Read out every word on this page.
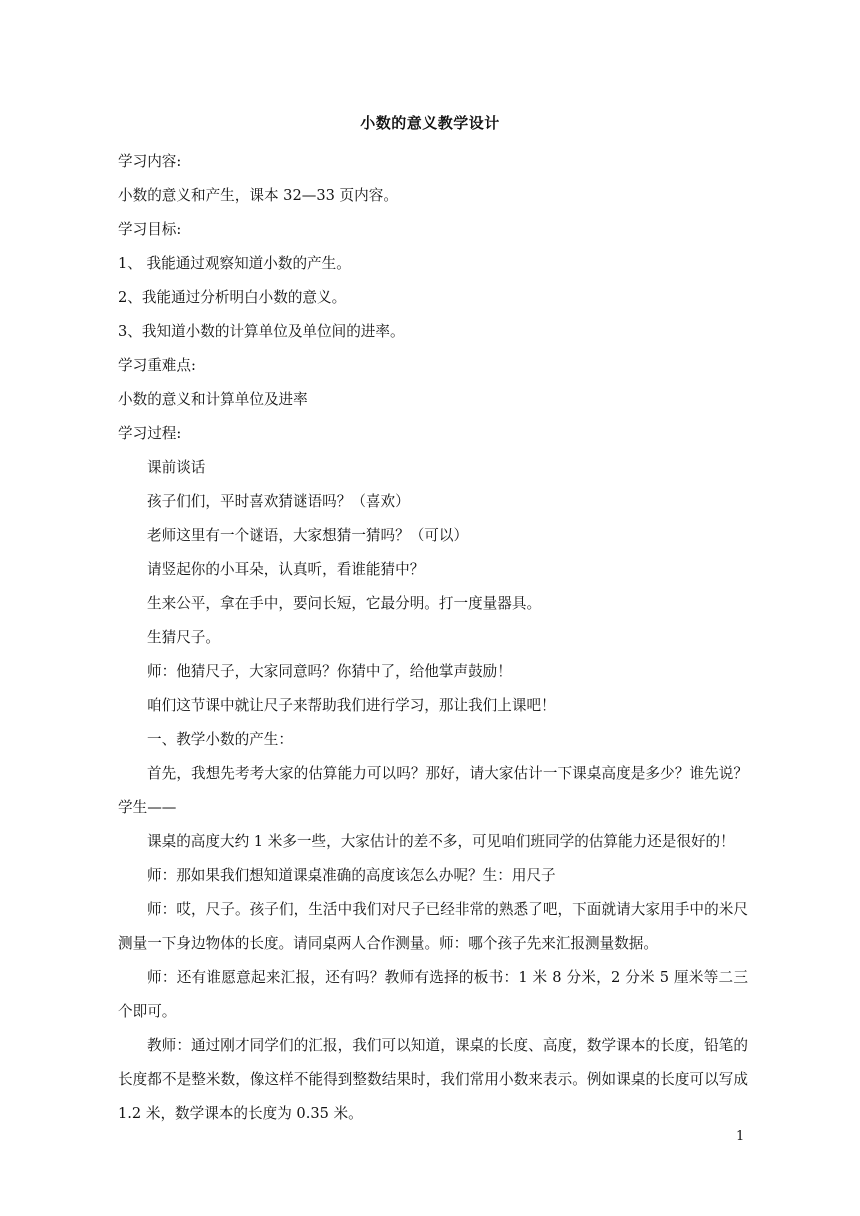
小数的意义教学设计
学习内容:
小数的意义和产生，课本 32—33 页内容。
学习目标:
1、 我能通过观察知道小数的产生。
2、我能通过分析明白小数的意义。
3、我知道小数的计算单位及单位间的进率。
学习重难点:
小数的意义和计算单位及进率
学习过程:
课前谈话
孩子们们，平时喜欢猜谜语吗？（喜欢）
老师这里有一个谜语，大家想猜一猜吗？（可以）
请竖起你的小耳朵，认真听，看谁能猜中？
生来公平，拿在手中，要问长短，它最分明。打一度量器具。
生猜尺子。
师：他猜尺子，大家同意吗？你猜中了，给他掌声鼓励！
咱们这节课中就让尺子来帮助我们进行学习，那让我们上课吧！
一、教学小数的产生：
首先，我想先考考大家的估算能力可以吗？那好，请大家估计一下课桌高度是多少？谁先说？学生——
课桌的高度大约 1 米多一些，大家估计的差不多，可见咱们班同学的估算能力还是很好的！
师：那如果我们想知道课桌准确的高度该怎么办呢？生：用尺子
师：哎，尺子。孩子们，生活中我们对尺子已经非常的熟悉了吧，下面就请大家用手中的米尺测量一下身边物体的长度。请同桌两人合作测量。师：哪个孩子先来汇报测量数据。
师：还有谁愿意起来汇报，还有吗？教师有选择的板书：1 米 8 分米，2 分米 5 厘米等二三个即可。
教师：通过刚才同学们的汇报，我们可以知道，课桌的长度、高度，数学课本的长度，铅笔的长度都不是整米数，像这样不能得到整数结果时，我们常用小数来表示。例如课桌的长度可以写成 1.2 米，数学课本的长度为 0.35 米。
1
